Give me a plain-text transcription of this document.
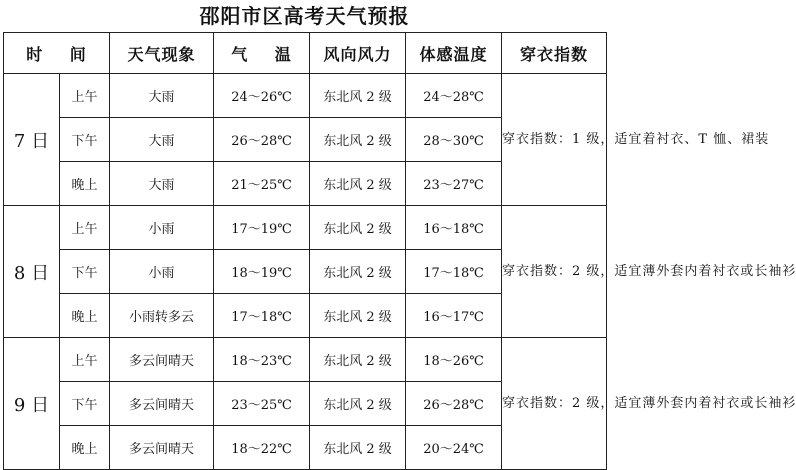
邵阳市区高考天气预报
时 间		天气现象	气 温	风向风力	体感温度	穿衣指数
7 日	上午	大雨	24～26℃	东北风 2 级	24～28℃	穿衣指数：1 级，适宜着衬衣、T 恤、裙装

	下午	大雨	26～28℃	东北风 2 级	28～30℃	
	晚上	大雨	21～25℃	东北风 2 级	23～27℃	
8 日	上午	小雨	17～19℃	东北风 2 级	16～18℃	穿衣指数：2 级，适宜薄外套内着衬衣或长袖衫

	下午	小雨	18～19℃	东北风 2 级	17～18℃	
	晚上	小雨转多云	17～18℃	东北风 2 级	16～17℃	
9 日	上午	多云间晴天	18～23℃	东北风 2 级	18～26℃	穿衣指数：2 级，适宜薄外套内着衬衣或长袖衫

	下午	多云间晴天	23～25℃	东北风 2 级	26～28℃	
	晚上	多云间晴天	18～22℃	东北风 2 级	20～24℃	
